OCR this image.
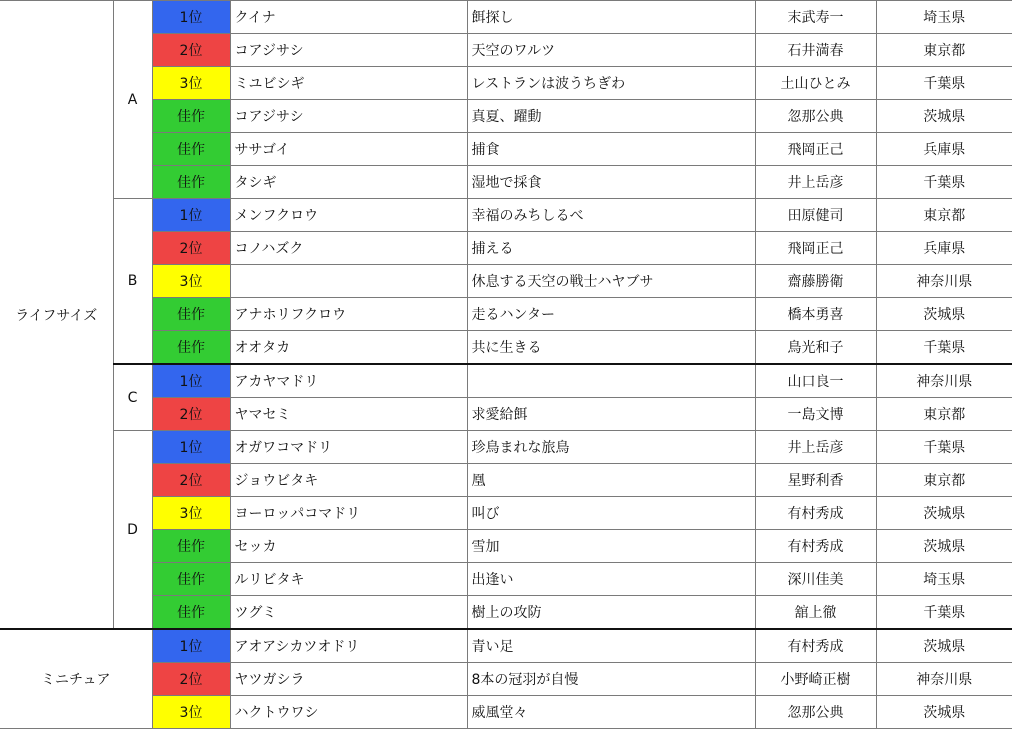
ライフサイズ	A	1位	クイナ	餌探し	末武寿一	埼玉県
		2位	コアジサシ	天空のワルツ	石井満春	東京都
		3位	ミユビシギ	レストランは波うちぎわ	土山ひとみ	千葉県
		佳作	コアジサシ	真夏、躍動	忽那公典	茨城県
		佳作	ササゴイ	捕食	飛岡正己	兵庫県
		佳作	タシギ	湿地で採食	井上岳彦	千葉県
	B	1位	メンフクロウ	幸福のみちしるべ	田原健司	東京都
		2位	コノハズク	捕える	飛岡正己	兵庫県
		3位		休息する天空の戦士ハヤブサ	齋藤勝衛	神奈川県
		佳作	アナホリフクロウ	走るハンター	橋本勇喜	茨城県
		佳作	オオタカ	共に生きる	鳥光和子	千葉県
	C	1位	アカヤマドリ		山口良一	神奈川県
		2位	ヤマセミ	求愛給餌	一島文博	東京都
	D	1位	オガワコマドリ	珍鳥まれな旅鳥	井上岳彦	千葉県
		2位	ジョウビタキ	凰	星野利香	東京都
		3位	ヨーロッパコマドリ	叫び	有村秀成	茨城県
		佳作	セッカ	雪加	有村秀成	茨城県
		佳作	ルリビタキ	出逢い	深川佳美	埼玉県
		佳作	ツグミ	樹上の攻防	舘上徹	千葉県
ミニチュア		1位	アオアシカツオドリ	青い足	有村秀成	茨城県
		2位	ヤツガシラ	8本の冠羽が自慢	小野崎正樹	神奈川県
		3位	ハクトウワシ	威風堂々	忽那公典	茨城県
